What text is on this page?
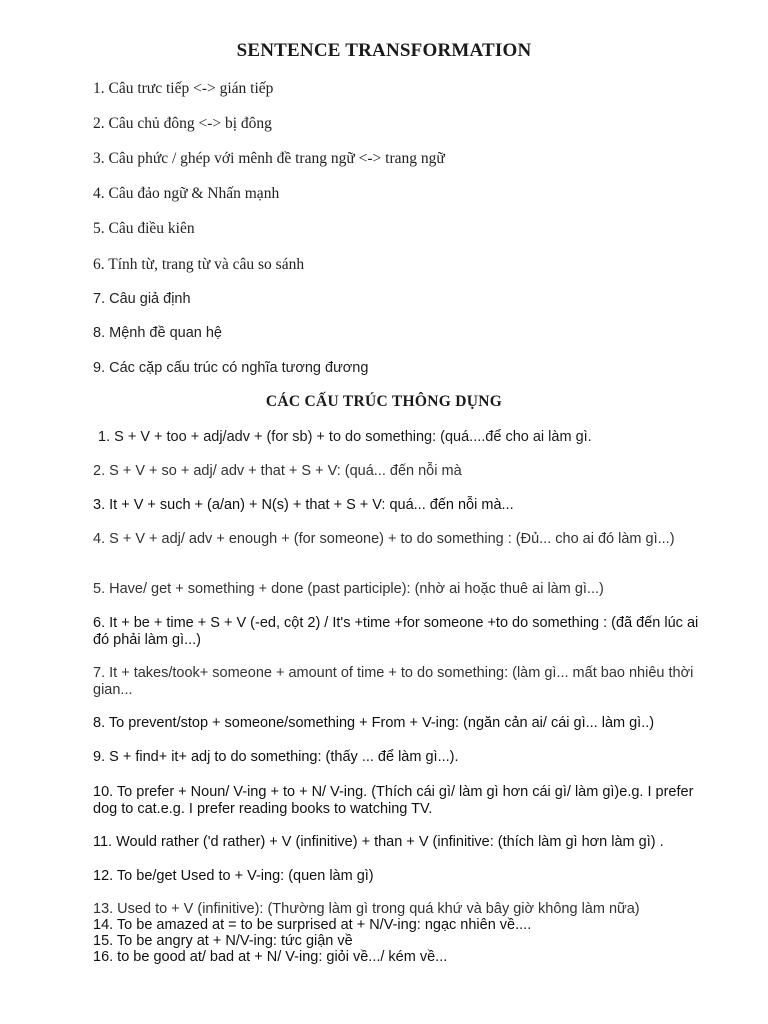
SENTENCE TRANSFORMATION
1. Câu trưc tiếp <-> gián tiếp
2. Câu chủ đông <-> bị đông
3. Câu phức / ghép với mênh đề trang ngữ <-> trang ngữ
4. Câu đảo ngữ & Nhấn mạnh
5. Câu điều kiên
6. Tính từ, trang từ và câu so sánh
7. Câu giả định
8. Mệnh đề quan hệ
9. Các cặp cấu trúc có nghĩa tương đương
CÁC CẤU TRÚC THÔNG DỤNG
1. S + V + too + adj/adv + (for sb) + to do something: (quá....để cho ai làm gì.
2. S + V + so + adj/ adv + that + S + V: (quá... đến nỗi mà
3. It + V + such + (a/an) + N(s) + that + S + V: quá... đến nỗi mà...
4. S + V + adj/ adv + enough + (for someone) + to do something : (Đủ... cho ai đó làm gì...)
5. Have/ get + something + done (past participle): (nhờ ai hoặc thuê ai làm gì...)
6. It + be + time + S + V (-ed, cột 2) / It's +time +for someone +to do something : (đã đến lúc ai đó phải làm gì...)
7. It + takes/took+ someone + amount of time + to do something: (làm gì... mất bao nhiêu thời gian...
8. To prevent/stop + someone/something + From + V-ing: (ngăn cản ai/ cái gì... làm gì..)
9. S + find+ it+ adj to do something: (thấy ... để làm gì...).
10. To prefer + Noun/ V-ing + to + N/ V-ing. (Thích cái gì/ làm gì hơn cái gì/ làm gì)e.g. I prefer dog to cat.e.g. I prefer reading books to watching TV.
11. Would rather ('d rather) + V (infinitive) + than + V (infinitive: (thích làm gì hơn làm gì) .
12. To be/get Used to + V-ing: (quen làm gì)
13. Used to + V (infinitive): (Thường làm gì trong quá khứ và bây giờ không làm nữa)
14. To be amazed at = to be surprised at + N/V-ing: ngạc nhiên về....
15. To be angry at + N/V-ing: tức giận về
16. to be good at/ bad at + N/ V-ing: giỏi về.../ kém về...
